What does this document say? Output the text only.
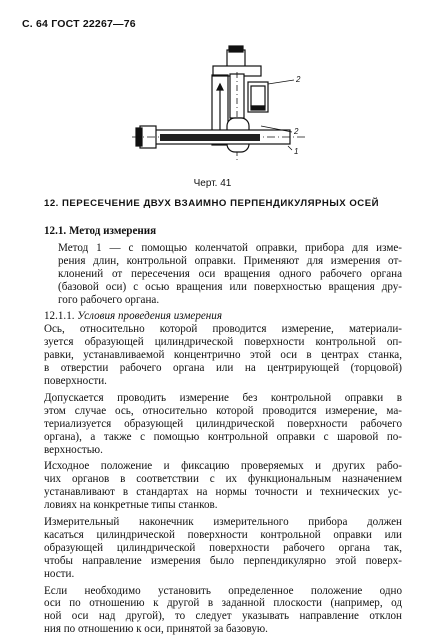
С. 64 ГОСТ 22267—76
2
2
1
Черт. 41
12. ПЕРЕСЕЧЕНИЕ ДВУХ ВЗАИМНО ПЕРПЕНДИКУЛЯРНЫХ ОСЕЙ

12.1. Метод измерения

Метод 1 — с помощью коленчатой оправки, прибора для изме-
рения длин, контрольной оправки. Применяют для измерения от-
клонений от пересечения оси вращения одного рабочего органа
(базовой оси) с осью вращения или поверхностью вращения дру-
гого рабочего органа.

12.1.1. Условия проведения измерения

Ось, относительно которой проводится измерение, материали-
зуется образующей цилиндрической поверхности контрольной оп-
равки, устанавливаемой концентрично этой оси в центрах станка,
в отверстии рабочего органа или на центрирующей (торцовой)
поверхности.

Допускается проводить измерение без контрольной оправки в
этом случае ось, относительно которой проводится измерение, ма-
териализуется образующей цилиндрической поверхности рабочего
органа), а также с помощью контрольной оправки с шаровой по-
верхностью.

Исходное положение и фиксацию проверяемых и других рабо-
чих органов в соответствии с их функциональным назначением
устанавливают в стандартах на нормы точности и технических ус-
ловиях на конкретные типы станков.

Измерительный наконечник измерительного прибора должен
касаться цилиндрической поверхности контрольной оправки или
образующей цилиндрической поверхности рабочего органа так,
чтобы направление измерения было перпендикулярно этой поверх-
ности.

Если необходимо установить определенное положение одно
оси по отношению к другой в заданной плоскости (например, од
ной оси над другой), то следует указывать направление отклон
ния по отношению к оси, принятой за базовую.
